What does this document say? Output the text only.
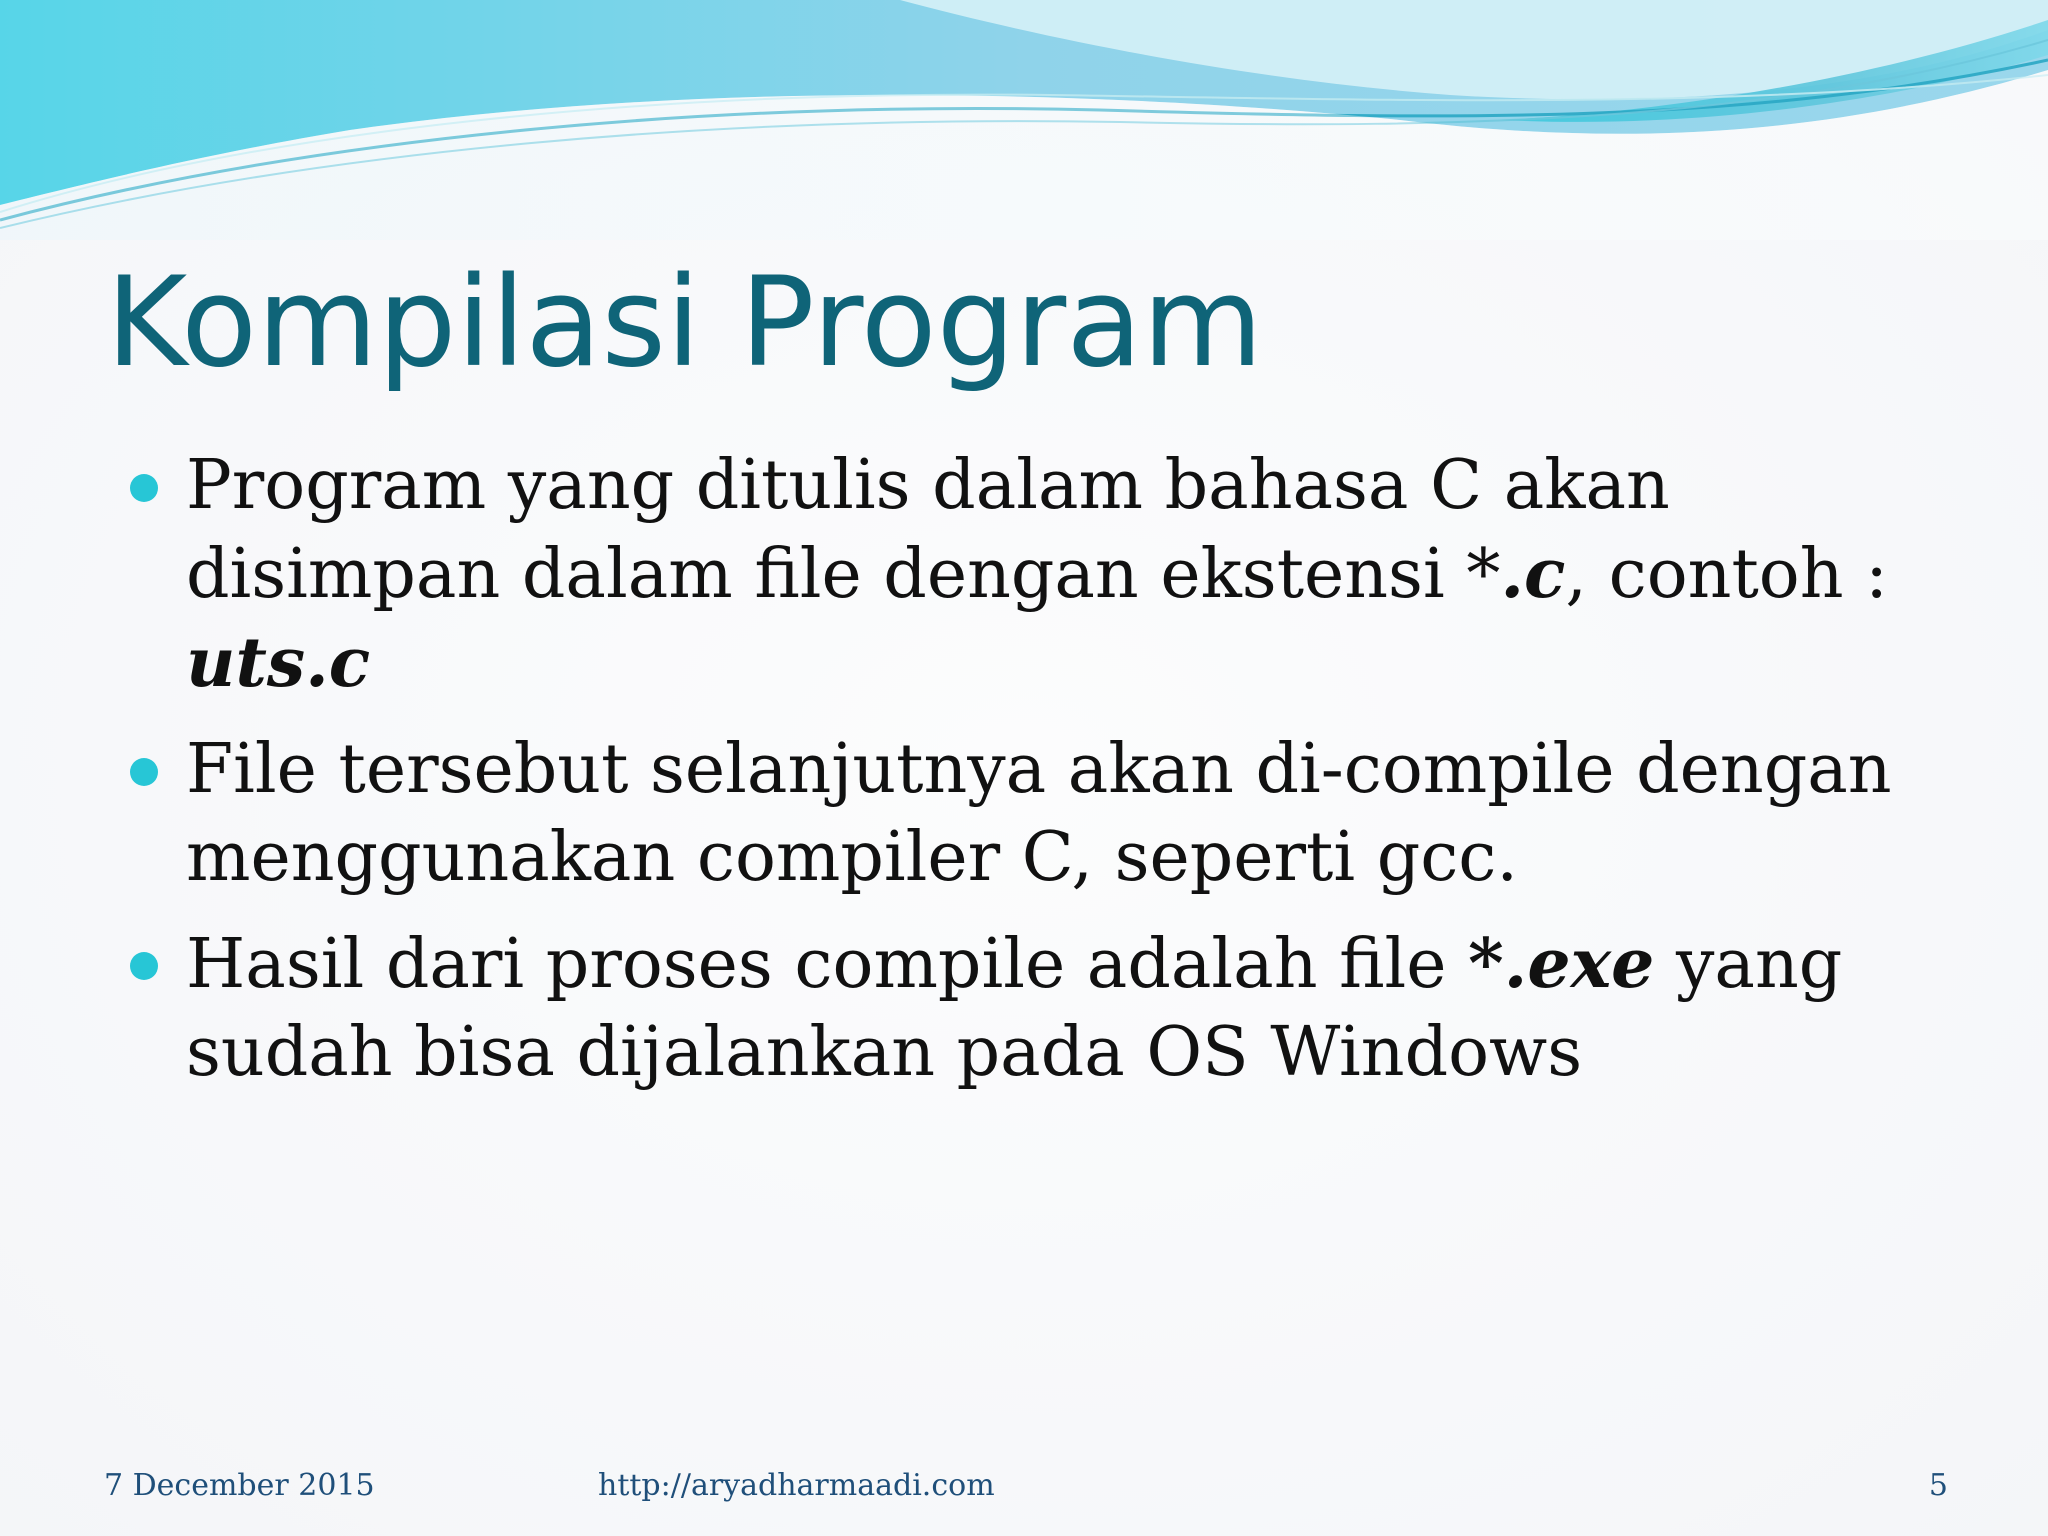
Kompilasi Program
Program yang ditulis dalam bahasa C akan disimpan dalam file dengan ekstensi *.c, contoh : uts.c
File tersebut selanjutnya akan di-compile dengan menggunakan compiler C, seperti gcc.
Hasil dari proses compile adalah file *.exe yang sudah bisa dijalankan pada OS Windows
7 December 2015	http://aryadharmaadi.com	5
